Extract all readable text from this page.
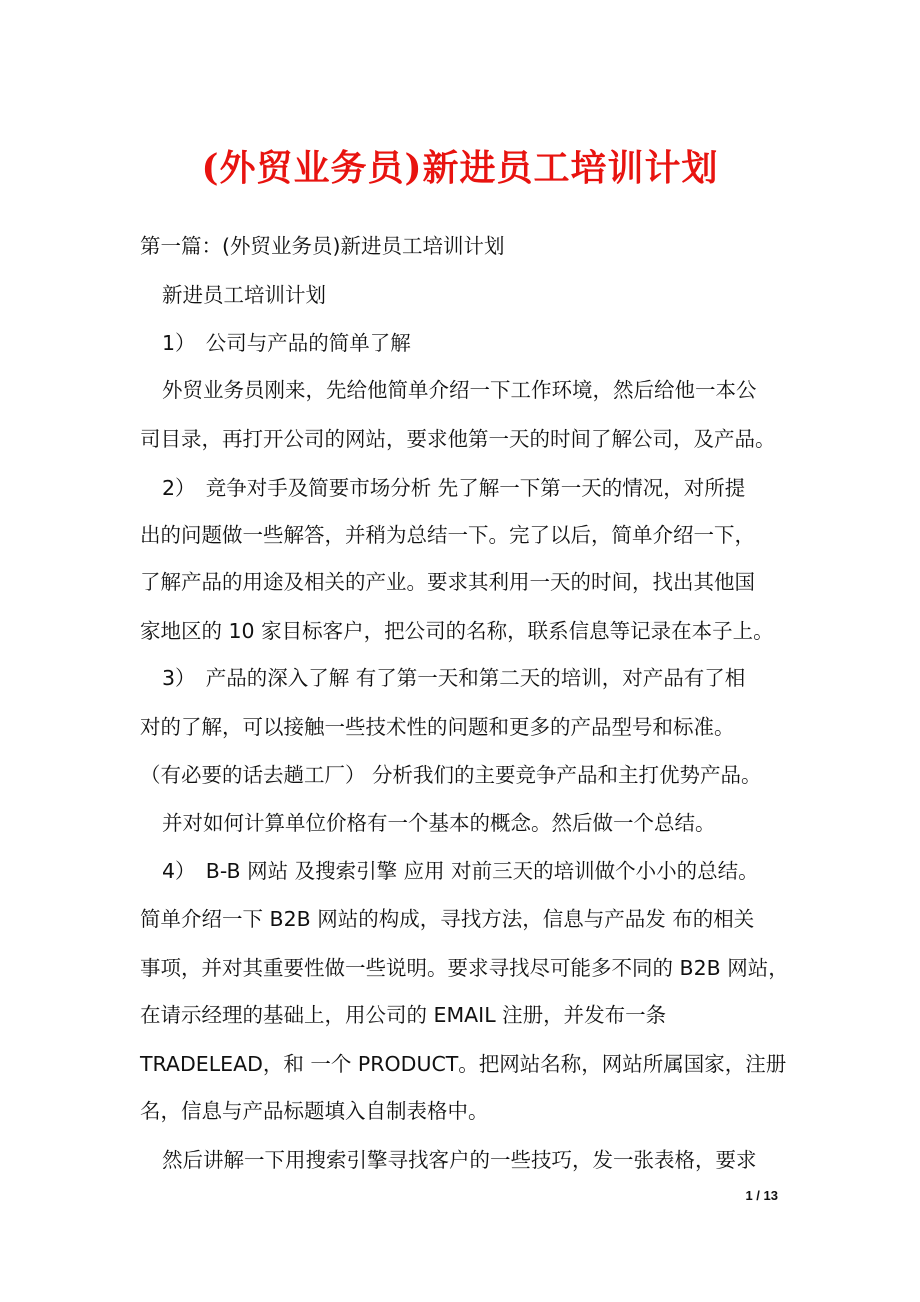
(外贸业务员)新进员工培训计划
第一篇：(外贸业务员)新进员工培训计划
新进员工培训计划
1）　公司与产品的简单了解
外贸业务员刚来，先给他简单介绍一下工作环境，然后给他一本公
司目录，再打开公司的网站，要求他第一天的时间了解公司，及产品。
2）　竞争对手及简要市场分析 先了解一下第一天的情况，对所提
出的问题做一些解答，并稍为总结一下。完了以后，简单介绍一下，
了解产品的用途及相关的产业。要求其利用一天的时间，找出其他国
家地区的 10 家目标客户，把公司的名称，联系信息等记录在本子上。
3）　产品的深入了解 有了第一天和第二天的培训，对产品有了相
对的了解，可以接触一些技术性的问题和更多的产品型号和标准。
（有必要的话去趟工厂） 分析我们的主要竞争产品和主打优势产品。
并对如何计算单位价格有一个基本的概念。然后做一个总结。
4）　B-B 网站 及搜索引擎 应用 对前三天的培训做个小小的总结。
简单介绍一下 B2B 网站的构成，寻找方法，信息与产品发 布的相关
事项，并对其重要性做一些说明。要求寻找尽可能多不同的 B2B 网站，
在请示经理的基础上，用公司的 EMAIL 注册，并发布一条
TRADELEAD，和 一个 PRODUCT。把网站名称，网站所属国家，注册
名，信息与产品标题填入自制表格中。
然后讲解一下用搜索引擎寻找客户的一些技巧，发一张表格，要求
1 / 13
